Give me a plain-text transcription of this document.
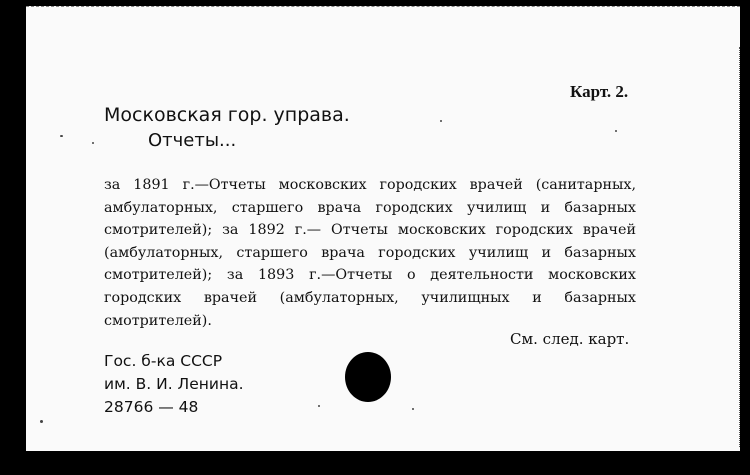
Карт. 2.
Московская гор. управа.
Отчеты...
за 1891 г.—Отчеты московских городских врачей (санитарных, амбулаторных, старшего врача городских училищ и базарных смотрителей); за 1892 г.— Отчеты московских городских врачей (амбулаторных, старшего врача городских училищ и базарных смотрителей); за 1893 г.—Отчеты о деятельности московских городских врачей (амбулаторных, училищных и базарных смотрителей).
См. след. карт.
Гос. б-ка СССР
им. В. И. Ленина.
28766 — 48
